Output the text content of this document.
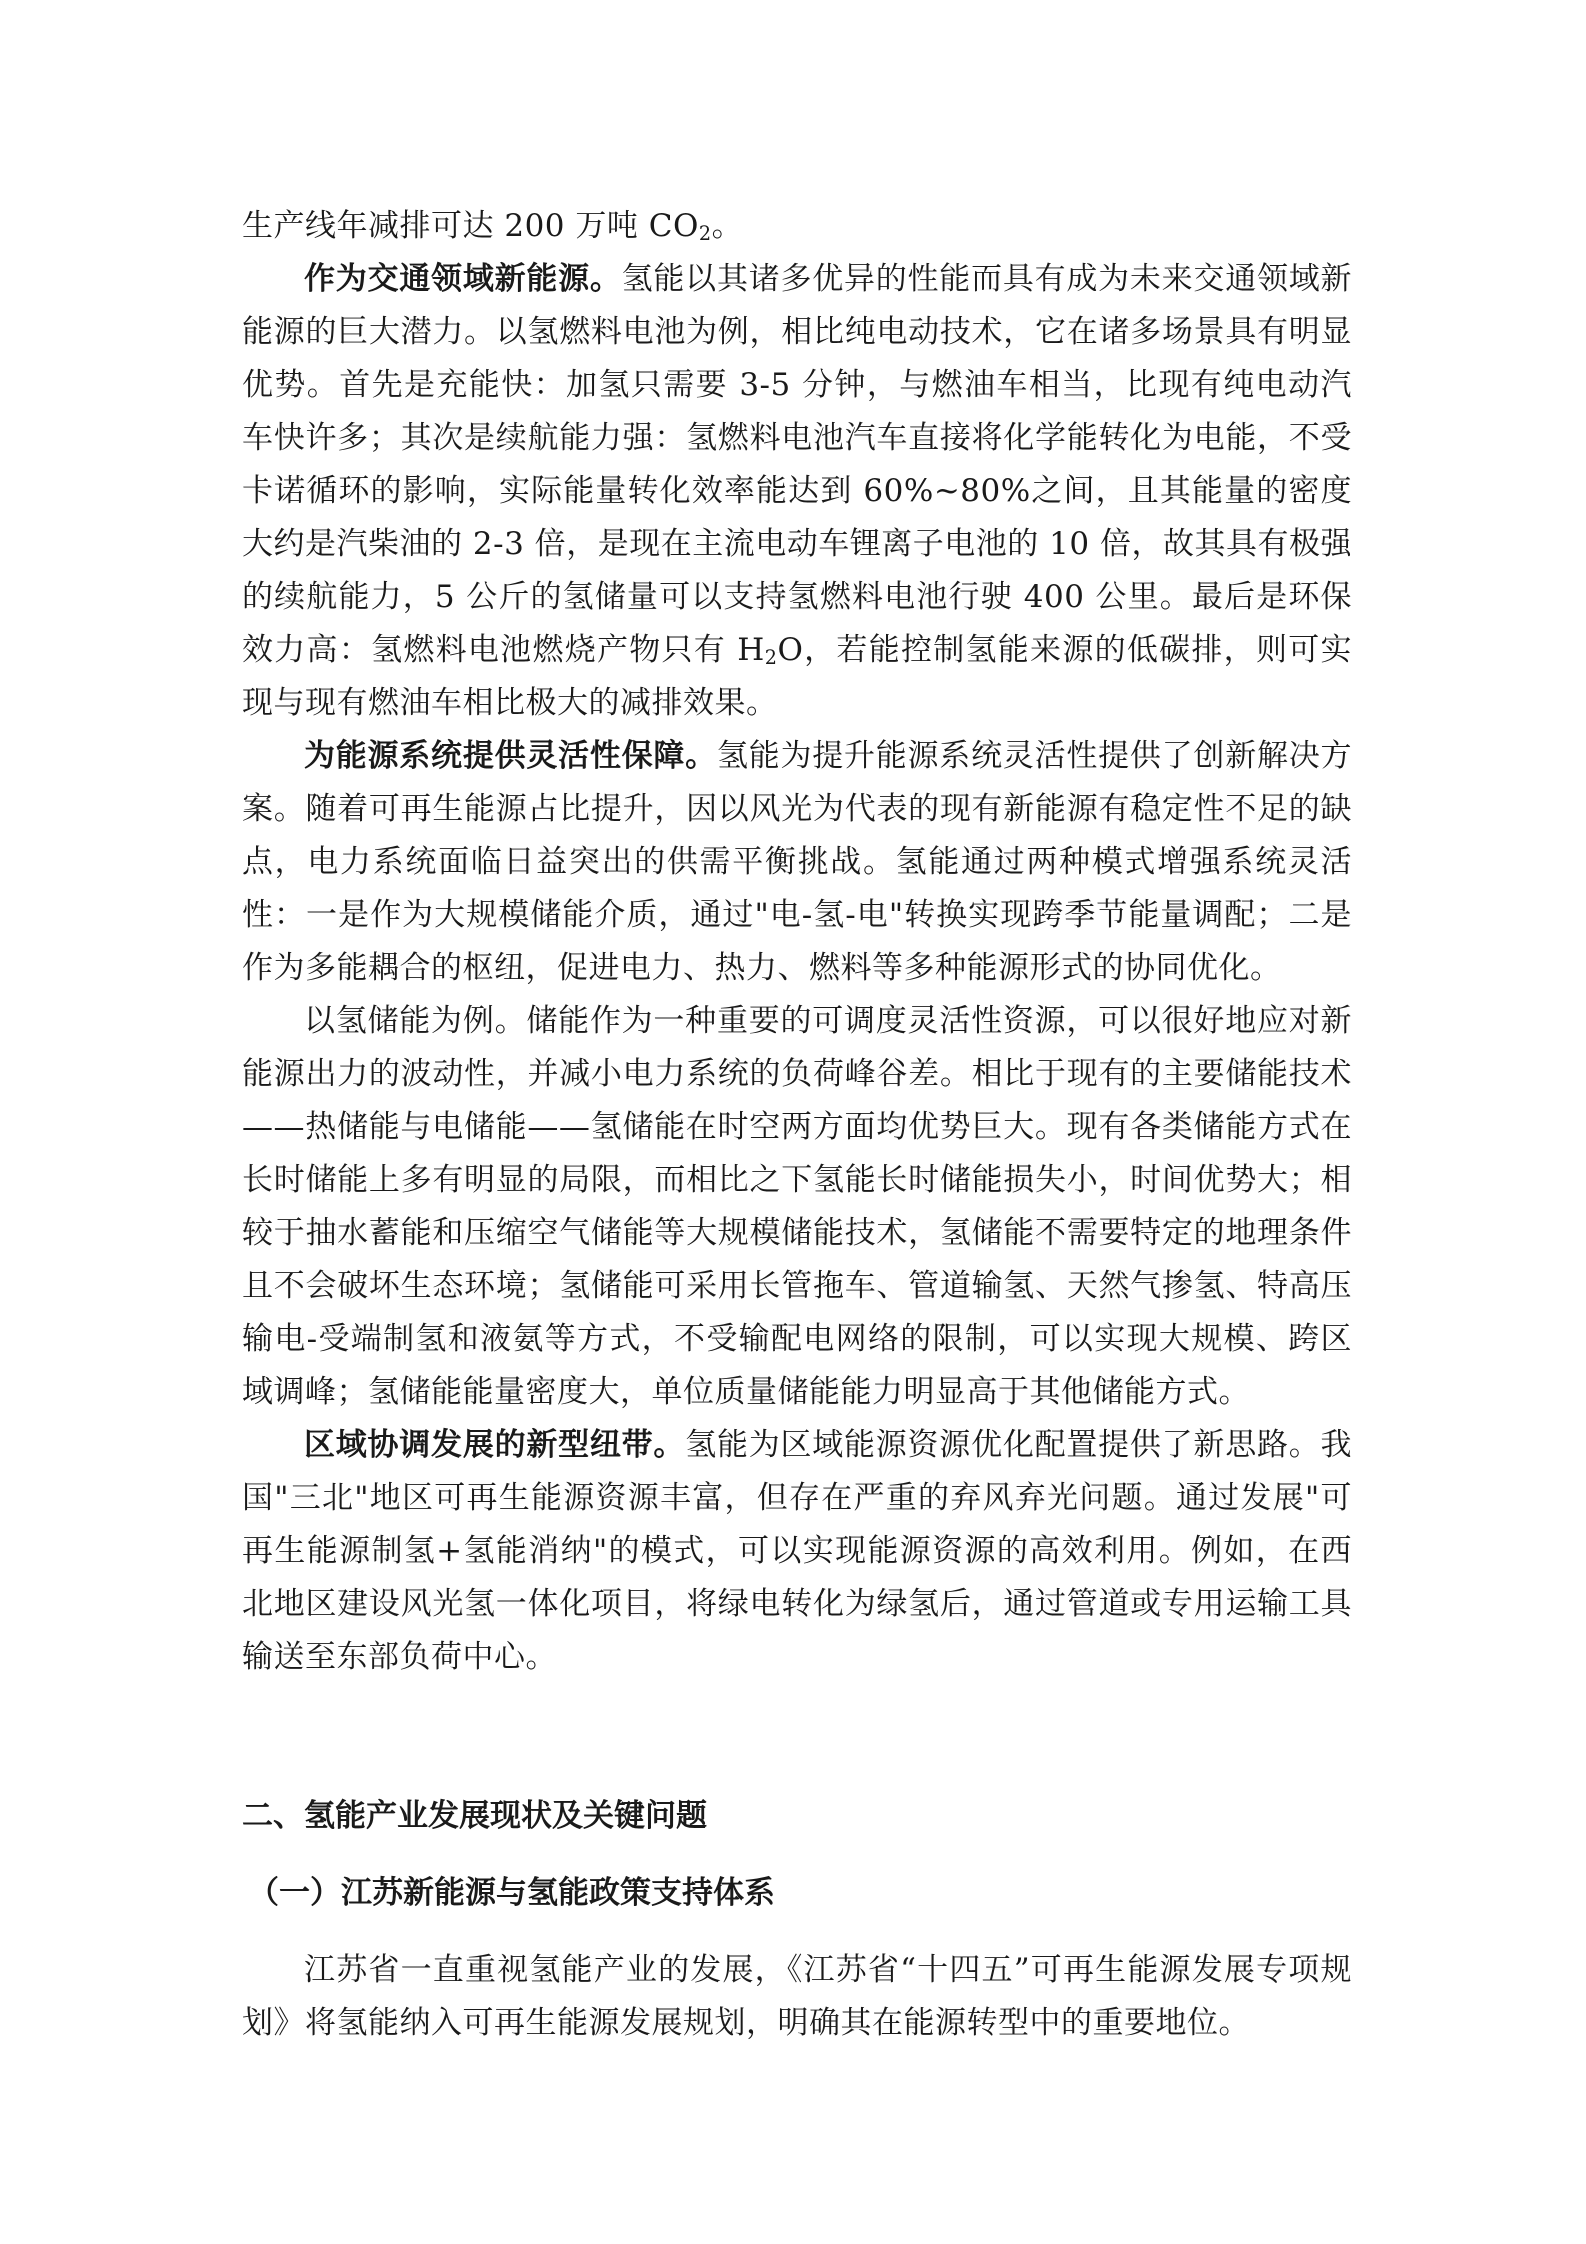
生产线年减排可达 200 万吨 $CO_2$。

作为交通领域新能源。氢能以其诸多优异的性能而具有成为未来交通领域新能源的巨大潜力。以氢燃料电池为例，相比纯电动技术，它在诸多场景具有明显优势。首先是充能快：加氢只需要 3-5 分钟，与燃油车相当，比现有纯电动汽车快许多；其次是续航能力强：氢燃料电池汽车直接将化学能转化为电能，不受卡诺循环的影响，实际能量转化效率能达到 60%~80%之间，且其能量的密度大约是汽柴油的 2-3 倍，是现在主流电动车锂离子电池的 10 倍，故其具有极强的续航能力，5 公斤的氢储量可以支持氢燃料电池行驶 400 公里。最后是环保效力高：氢燃料电池燃烧产物只有 $H_2O$，若能控制氢能来源的低碳排，则可实现与现有燃油车相比极大的减排效果。

为能源系统提供灵活性保障。氢能为提升能源系统灵活性提供了创新解决方案。随着可再生能源占比提升，因以风光为代表的现有新能源有稳定性不足的缺点，电力系统面临日益突出的供需平衡挑战。氢能通过两种模式增强系统灵活性：一是作为大规模储能介质，通过"电-氢-电"转换实现跨季节能量调配；二是作为多能耦合的枢纽，促进电力、热力、燃料等多种能源形式的协同优化。

以氢储能为例。储能作为一种重要的可调度灵活性资源，可以很好地应对新能源出力的波动性，并减小电力系统的负荷峰谷差。相比于现有的主要储能技术——热储能与电储能——氢储能在时空两方面均优势巨大。现有各类储能方式在长时储能上多有明显的局限，而相比之下氢能长时储能损失小，时间优势大；相较于抽水蓄能和压缩空气储能等大规模储能技术，氢储能不需要特定的地理条件且不会破坏生态环境；氢储能可采用长管拖车、管道输氢、天然气掺氢、特高压输电-受端制氢和液氨等方式，不受输配电网络的限制，可以实现大规模、跨区域调峰；氢储能能量密度大，单位质量储能能力明显高于其他储能方式。

区域协调发展的新型纽带。氢能为区域能源资源优化配置提供了新思路。我国"三北"地区可再生能源资源丰富，但存在严重的弃风弃光问题。通过发展"可再生能源制氢+氢能消纳"的模式，可以实现能源资源的高效利用。例如，在西北地区建设风光氢一体化项目，将绿电转化为绿氢后，通过管道或专用运输工具输送至东部负荷中心。

二、氢能产业发展现状及关键问题

（一）江苏新能源与氢能政策支持体系

江苏省一直重视氢能产业的发展，《江苏省“十四五”可再生能源发展专项规划》将氢能纳入可再生能源发展规划，明确其在能源转型中的重要地位。
